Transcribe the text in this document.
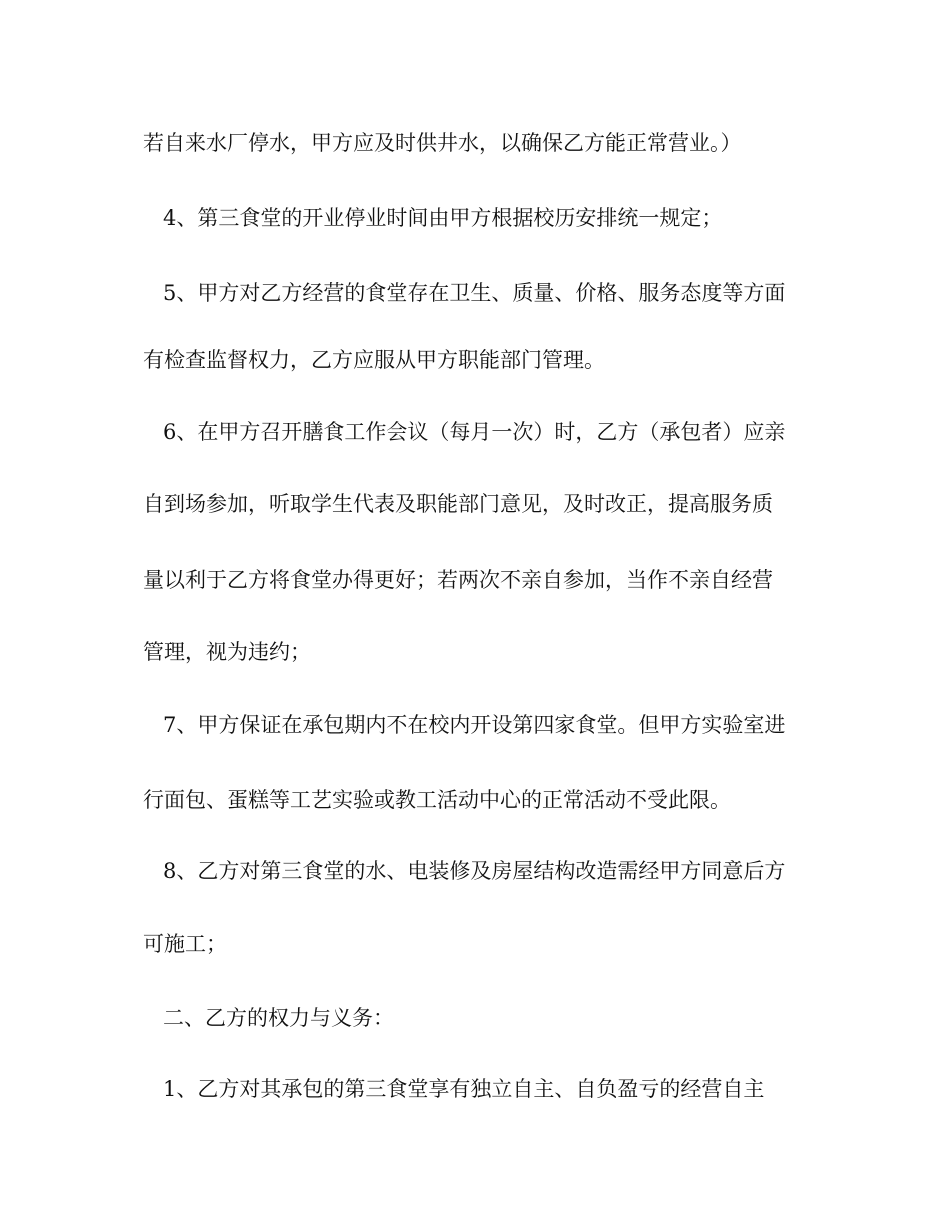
若自来水厂停水，甲方应及时供井水，以确保乙方能正常营业。）
4、第三食堂的开业停业时间由甲方根据校历安排统一规定；
5、甲方对乙方经营的食堂存在卫生、质量、价格、服务态度等方面
有检查监督权力，乙方应服从甲方职能部门管理。
6、在甲方召开膳食工作会议（每月一次）时，乙方（承包者）应亲
自到场参加，听取学生代表及职能部门意见，及时改正，提高服务质
量以利于乙方将食堂办得更好；若两次不亲自参加，当作不亲自经营
管理，视为违约；
7、甲方保证在承包期内不在校内开设第四家食堂。但甲方实验室进
行面包、蛋糕等工艺实验或教工活动中心的正常活动不受此限。
8、乙方对第三食堂的水、电装修及房屋结构改造需经甲方同意后方
可施工；
二、乙方的权力与义务：
1、乙方对其承包的第三食堂享有独立自主、自负盈亏的经营自主
